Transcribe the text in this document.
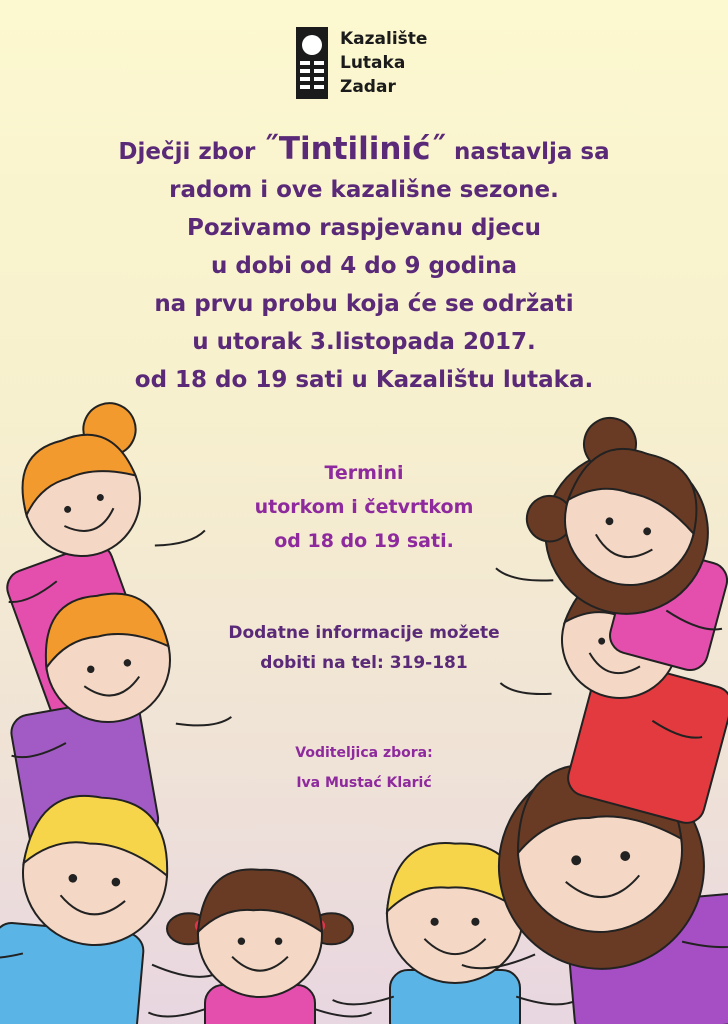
Kazalište
Lutaka
Zadar
Dječji zbor ˝Tintilinić˝ nastavlja sa
radom i ove kazališne sezone.
Pozivamo raspjevanu djecu
u dobi od 4 do 9 godina
na prvu probu koja će se održati
u utorak 3.listopada 2017.
od 18 do 19 sati u Kazalištu lutaka.
Termini
utorkom i četvrtkom
od 18 do 19 sati.
Dodatne informacije možete
dobiti na tel: 319-181
Voditeljica zbora:
Iva Mustać Klarić
